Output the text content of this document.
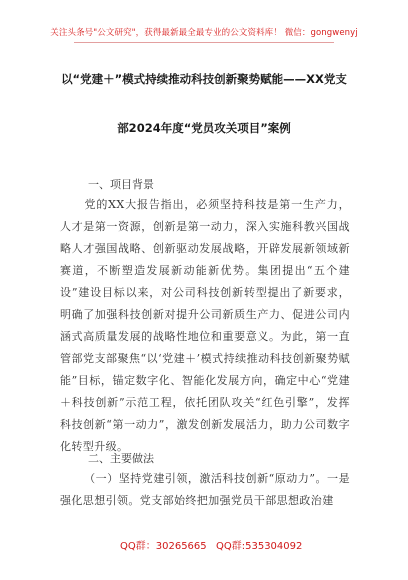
关注头条号"公文研究"，获得最新最全最专业的公文资料库！ 微信：gongwenyj
以“党建＋”模式持续推动科技创新聚势赋能——XX党支
部2024年度“党员攻关项目”案例
一、项目背景
党的XX大报告指出，必须坚持科技是第一生产力，人才是第一资源，创新是第一动力，深入实施科教兴国战略人才强国战略、创新驱动发展战略，开辟发展新领域新赛道，不断塑造发展新动能新优势。集团提出“五个建设”建设目标以来，对公司科技创新转型提出了新要求，明确了加强科技创新对提升公司新质生产力、促进公司内涵式高质量发展的战略性地位和重要意义。为此，第一直管部党支部聚焦“以‘党建＋’模式持续推动科技创新聚势赋能”目标，锚定数字化、智能化发展方向，确定中心“党建＋科技创新”示范工程，依托团队攻关“红色引擎”，发挥科技创新“第一动力”，激发创新发展活力，助力公司数字化转型升级。
二、主要做法
（一）坚持党建引领，激活科技创新“原动力”。一是强化思想引领。党支部始终把加强党员干部思想政治建
QQ群：30265665 QQ群:535304092
